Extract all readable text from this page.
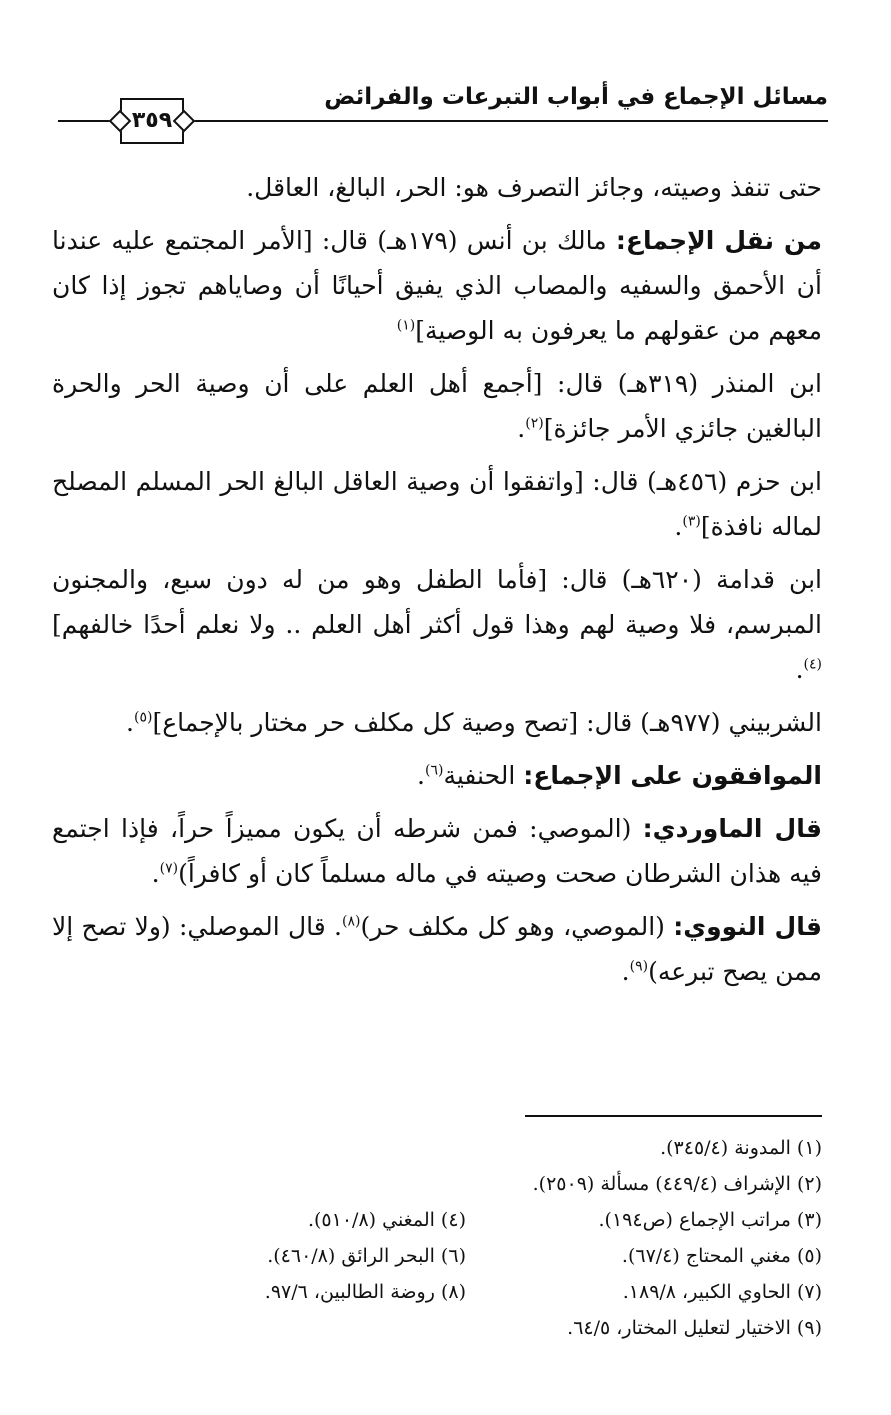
مسائل الإجماع في أبواب التبرعات والفرائض
٣٥٩

حتى تنفذ وصيته، وجائز التصرف هو: الحر، البالغ، العاقل.

من نقل الإجماع: مالك بن أنس (١٧٩هـ) قال: [الأمر المجتمع عليه عندنا أن الأحمق والسفيه والمصاب الذي يفيق أحيانًا أن وصاياهم تجوز إذا كان معهم من عقولهم ما يعرفون به الوصية]$^{(١)}$

ابن المنذر (٣١٩هـ) قال: [أجمع أهل العلم على أن وصية الحر والحرة البالغين جائزي الأمر جائزة]$^{(٢)}$.

ابن حزم (٤٥٦هـ) قال: [واتفقوا أن وصية العاقل البالغ الحر المسلم المصلح لماله نافذة]$^{(٣)}$.

ابن قدامة (٦٢٠هـ) قال: [فأما الطفل وهو من له دون سبع، والمجنون المبرسم، فلا وصية لهم وهذا قول أكثر أهل العلم .. ولا نعلم أحدًا خالفهم]$^{(٤)}$.

الشربيني (٩٧٧هـ) قال: [تصح وصية كل مكلف حر مختار بالإجماع]$^{(٥)}$.

الموافقون على الإجماع: الحنفية$^{(٦)}$.

قال الماوردي: (الموصي: فمن شرطه أن يكون مميزاً حراً، فإذا اجتمع فيه هذان الشرطان صحت وصيته في ماله مسلماً كان أو كافراً)$^{(٧)}$.

قال النووي: (الموصي، وهو كل مكلف حر)$^{(٨)}$. قال الموصلي: (ولا تصح إلا ممن يصح تبرعه)$^{(٩)}$.

(١) المدونة (٣٤٥/٤).
(٢) الإشراف (٤٤٩/٤) مسألة (٢٥٠٩).
(٣) مراتب الإجماع (ص١٩٤).
(٤) المغني (٥١٠/٨).
(٥) مغني المحتاج (٦٧/٤).
(٦) البحر الرائق (٤٦٠/٨).
(٧) الحاوي الكبير، ١٨٩/٨.
(٨) روضة الطالبين، ٩٧/٦.
(٩) الاختيار لتعليل المختار، ٦٤/٥.
